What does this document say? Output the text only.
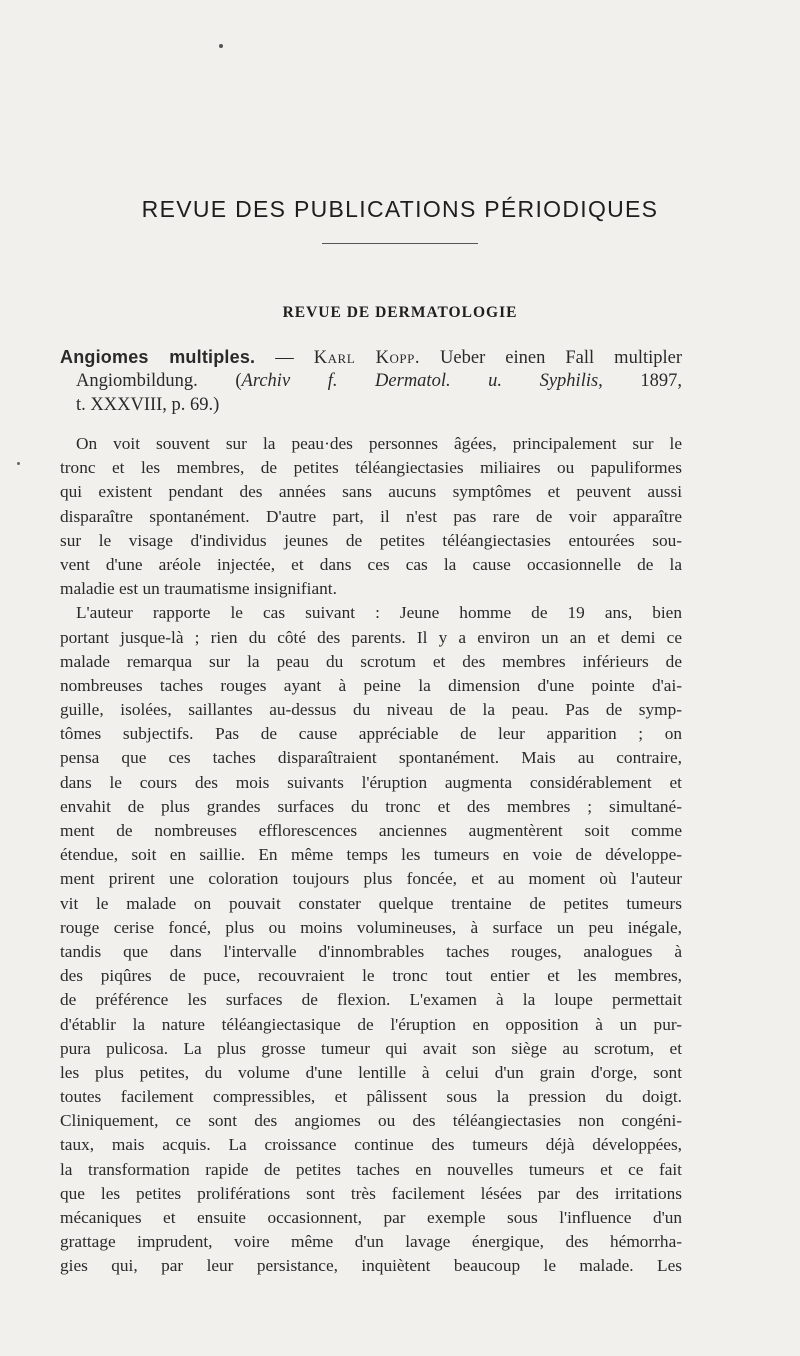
REVUE DES PUBLICATIONS PÉRIODIQUES
REVUE DE DERMATOLOGIE
Angiomes multiples. — Karl Kopp. Ueber einen Fall multipler
Angiombildung. (Archiv f. Dermatol. u. Syphilis, 1897,
t. XXXVIII, p. 69.)
On voit souvent sur la peau·des personnes âgées, principalement sur le
tronc et les membres, de petites téléangiectasies miliaires ou papuliformes
qui existent pendant des années sans aucuns symptômes et peuvent aussi
disparaître spontanément. D'autre part, il n'est pas rare de voir apparaître
sur le visage d'individus jeunes de petites téléangiectasies entourées sou-
vent d'une aréole injectée, et dans ces cas la cause occasionnelle de la
maladie est un traumatisme insignifiant.
L'auteur rapporte le cas suivant : Jeune homme de 19 ans, bien
portant jusque-là ; rien du côté des parents. Il y a environ un an et demi ce
malade remarqua sur la peau du scrotum et des membres inférieurs de
nombreuses taches rouges ayant à peine la dimension d'une pointe d'ai-
guille, isolées, saillantes au-dessus du niveau de la peau. Pas de symp-
tômes subjectifs. Pas de cause appréciable de leur apparition ; on
pensa que ces taches disparaîtraient spontanément. Mais au contraire,
dans le cours des mois suivants l'éruption augmenta considérablement et
envahit de plus grandes surfaces du tronc et des membres ; simultané-
ment de nombreuses efflorescences anciennes augmentèrent soit comme
étendue, soit en saillie. En même temps les tumeurs en voie de développe-
ment prirent une coloration toujours plus foncée, et au moment où l'auteur
vit le malade on pouvait constater quelque trentaine de petites tumeurs
rouge cerise foncé, plus ou moins volumineuses, à surface un peu inégale,
tandis que dans l'intervalle d'innombrables taches rouges, analogues à
des piqûres de puce, recouvraient le tronc tout entier et les membres,
de préférence les surfaces de flexion. L'examen à la loupe permettait
d'établir la nature téléangiectasique de l'éruption en opposition à un pur-
pura pulicosa. La plus grosse tumeur qui avait son siège au scrotum, et
les plus petites, du volume d'une lentille à celui d'un grain d'orge, sont
toutes facilement compressibles, et pâlissent sous la pression du doigt.
Cliniquement, ce sont des angiomes ou des téléangiectasies non congéni-
taux, mais acquis. La croissance continue des tumeurs déjà développées,
la transformation rapide de petites taches en nouvelles tumeurs et ce fait
que les petites proliférations sont très facilement lésées par des irritations
mécaniques et ensuite occasionnent, par exemple sous l'influence d'un
grattage imprudent, voire même d'un lavage énergique, des hémorrha-
gies qui, par leur persistance, inquiètent beaucoup le malade. Les
